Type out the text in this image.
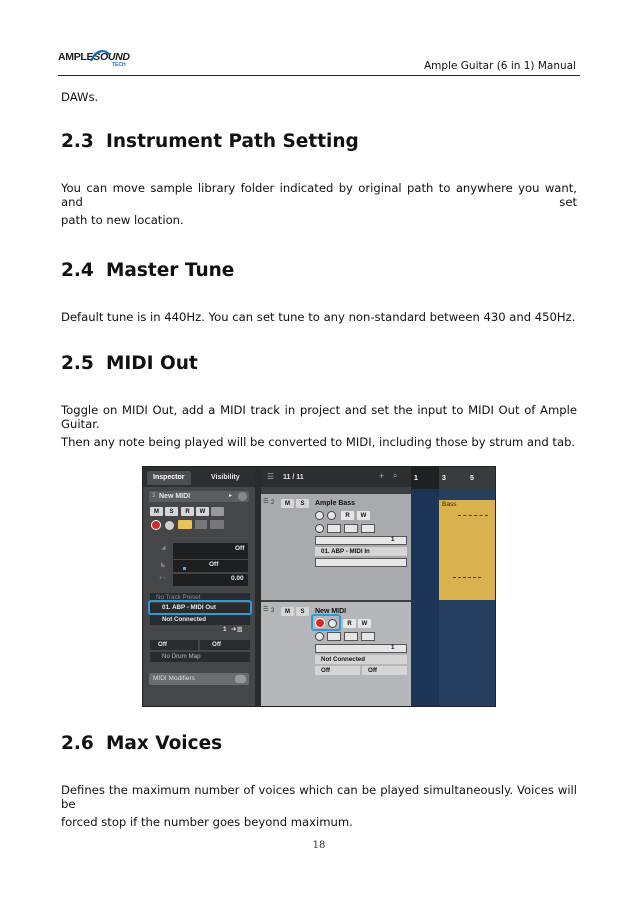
AMPLESOUND
TECH	Ample Guitar (6 in 1) Manual
DAWs.
2.3 Instrument Path Setting
You can move sample library folder indicated by original path to anywhere you want, and set
path to new location.
2.4 Master Tune
Default tune is in 440Hz. You can set tune to any non-standard between 430 and 450Hz.
2.5 MIDI Out
Toggle on MIDI Out, add a MIDI track in project and set the input to MIDI Out of Ample Guitar.
Then any note being played will be converted to MIDI, including those by strum and tab.
Inspector	Visibility
3 New MIDI	▸
M	S	R	W
◢	Off
◣	Off
+◔	0.00
No Track Preset
01. ABP - MIDI Out
Not Connected
1 ➔▥
Off	Off
No Drum Map
MIDI Modifiers
☰ 11 / 11	+ ⌕
☰ 2	M	S	Ample Bass
R	W
1
01. ABP - MIDI In
☰ 3	M	S	New MIDI
R	W
1
Not Connected
Off	Off
1	3	5
Bass
2.6 Max Voices
Defines the maximum number of voices which can be played simultaneously. Voices will be
forced stop if the number goes beyond maximum.
18
